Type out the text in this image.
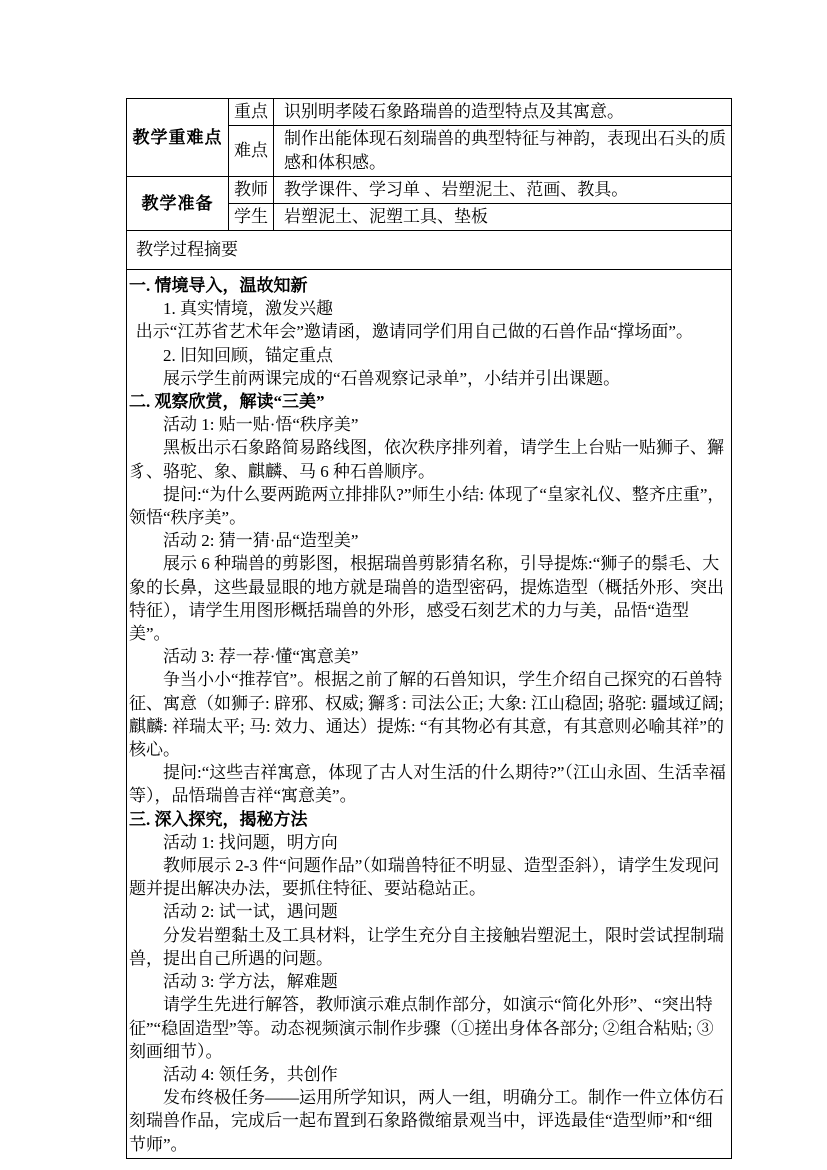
教学重难点	重点	识别明孝陵石象路瑞兽的造型特点及其寓意。
	难点	制作出能体现石刻瑞兽的典型特征与神韵，表现出石头的质感和体积感。
教学准备	教师	教学课件、学习单 、岩塑泥土、范画、教具。
	学生	岩塑泥土、泥塑工具、垫板
教学过程摘要		

一. 情境导入，温故知新
1. 真实情境，激发兴趣
出示“江苏省艺术年会”邀请函，邀请同学们用自己做的石兽作品“撑场面”。
2. 旧知回顾，锚定重点
展示学生前两课完成的“石兽观察记录单”，小结并引出课题。
二. 观察欣赏，解读“三美”
活动 1: 贴一贴·悟“秩序美”
黑板出示石象路简易路线图，依次秩序排列着，请学生上台贴一贴狮子、獬豸、骆驼、象、麒麟、马 6 种石兽顺序。
提问:“为什么要两跪两立排排队?”师生小结: 体现了“皇家礼仪、整齐庄重”，领悟“秩序美”。
活动 2: 猜一猜·品“造型美”
展示 6 种瑞兽的剪影图，根据瑞兽剪影猜名称，引导提炼:“狮子的鬃毛、大象的长鼻，这些最显眼的地方就是瑞兽的造型密码，提炼造型（概括外形、突出特征），请学生用图形概括瑞兽的外形，感受石刻艺术的力与美，品悟“造型美”。
活动 3: 荐一荐·懂“寓意美”
争当小小“推荐官”。根据之前了解的石兽知识，学生介绍自己探究的石兽特征、寓意（如狮子: 辟邪、权威; 獬豸: 司法公正; 大象: 江山稳固; 骆驼: 疆域辽阔; 麒麟: 祥瑞太平; 马: 效力、通达）提炼: “有其物必有其意，有其意则必喻其祥”的核心。
提问:“这些吉祥寓意，体现了古人对生活的什么期待?”（江山永固、生活幸福等），品悟瑞兽吉祥“寓意美”。
三. 深入探究，揭秘方法
活动 1: 找问题，明方向
教师展示 2-3 件“问题作品”（如瑞兽特征不明显、造型歪斜），请学生发现问题并提出解决办法，要抓住特征、要站稳站正。
活动 2: 试一试，遇问题
分发岩塑黏土及工具材料，让学生充分自主接触岩塑泥土，限时尝试捏制瑞兽，提出自己所遇的问题。
活动 3: 学方法，解难题
请学生先进行解答，教师演示难点制作部分，如演示“简化外形”、“突出特征”“稳固造型”等。动态视频演示制作步骤（①搓出身体各部分; ②组合粘贴; ③刻画细节）。
活动 4: 领任务，共创作
发布终极任务——运用所学知识，两人一组，明确分工。制作一件立体仿石刻瑞兽作品，完成后一起布置到石象路微缩景观当中，评选最佳“造型师”和“细节师”。
